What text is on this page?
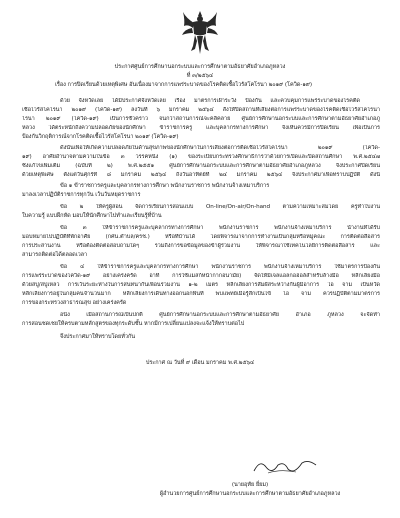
ประกาศศูนย์การศึกษานอกระบบและการศึกษาตามอัธยาศัยอำเภอภูหลวง
ที่ ๓/๒๕๖๔
เรื่อง การปิดเรียนด้วยเหตุพิเศษ อันเนื่องมาจากการแพร่ระบาดของโรคติดเชื้อไวรัสโคโรนา ๒๐๑๙ (โควิด-๑๙)
ด้วย จังหวัดเลย ได้มีประกาศจังหวัดเลย เรื่อง มาตรการเฝ้าระวัง ป้องกัน และควบคุมการแพร่ระบาดของโรคติด
เชื้อไวรัสโคโรนา ๒๐๑๙ (โควิด-๑๙) ลงวันที่ ๖ มกราคม ๒๕๖๔ สั่งให้ปิดสถานที่เสี่ยงต่อการแพร่ระบาดของโรคติดเชื้อไวรัสโคโรนา
โรนา ๒๐๑๙ (โควิด-๑๙) เป็นการชั่วคราว จนกว่าสถานการณ์จะคลี่คลาย ศูนย์การศึกษานอกระบบและการศึกษาตามอัธยาศัยอำเภอภู
หลวง ได้ตระหนักถึงความปลอดภัยของนักศึกษา ข้าราชการครู และบุคลากรทางการศึกษา จึงเห็นควรมีการปิดเรียน เพื่อเป็นการ
ป้องกันวิกฤติการณ์จากโรคติดเชื้อไวรัสโคโรนา ๒๐๑๙ (โควิด-๑๙)
ดังนั้นเพื่อให้เกิดความปลอดภัยในด้านสุขภาพของนักศึกษาในการเสี่ยงต่อการติดเชื้อไวรัสโคโรนา ๒๐๑๙ (โควิด-
๑๙) อาศัยอำนาจตามความในข้อ ๓ วรรคหนึ่ง (๑) ของระเบียบกระทรวงศึกษาธิการว่าด้วยการเปิดและปิดสถานศึกษา พ.ศ.๒๕๔๗
ซึ่งแก้ไขเพิ่มเติม (ฉบับที่ ๒) พ.ศ.๒๕๕๑ ศูนย์การศึกษานอกระบบและการศึกษาตามอัธยาศัยอำเภอภูหลวง จึงประกาศปิดเรียน
ด้วยเหตุพิเศษ ตั้งแต่วันศุกร์ที่ ๘ มกราคม ๒๕๖๔ ถึงวันอาทิตย์ที่ ๒๔ มกราคม ๒๕๖๔ จึงประกาศมาเพื่อทราบปฏิบัติ ดังนี้
ข้อ ๑ ข้าราชการครูและบุคลากรทางการศึกษา พนักงานราชการ พนักงานจ้างเหมาบริการ
มาลงเวลาปฏิบัติราชการทุกวัน เว้นวันหยุดราชการ
ข้อ ๒ ให้ครูผู้สอน จัดการเรียนการสอนแบบ On-line/On-air/On-hand ตามความเหมาะสมโดย ครูทำใบงาน
ใบความรู้ แบบฝึกหัด มอบให้นักศึกษาไปทำและเรียนรู้ที่บ้าน
ข้อ ๓ ให้ข้าราชการครูและบุคลากรทางการศึกษา พนักงานราชการ พนักงานจ้างเหมาบริการ นำงานที่ได้รับ
มอบหมายไปปฏิบัติที่พักอาศัย (กศน.ตำบล/ครช.) หรือที่บ้านได้ โดยพิจารณาจากการทำงานเป็นกลุ่มหรือหมู่คณะ การติดต่อสื่อสาร
การประสานงาน หรือต้องติดต่อสอบถามใดๆ รวมถึงการขอข้อมูลของข้าผู้ร่วมงาน ให้พิจารณาใช้เทคโนโลยีการติดต่อสื่อสาร และ
สามารถติดต่อได้ตลอดเวลา
ข้อ ๔ ให้ข้าราชการครูและบุคลากรทางการศึกษา พนักงานราชการ พนักงานจ้างเหมาบริการ ใช้มาตรการป้องกัน
การแพร่ระบาดของโควิด-๑๙ อย่างเคร่งครัด อาทิ การใช้แมสก์หน้ากากอนามัย) จัดให้มีเจลแอลกอฮอล์สำหรับล้างมือ หลีกเลี่ยงมือ
ด้วยสบู่/สบู่เหลว การเว้นระยะห่างในการสนทนากันเพื่อนร่วมงาน ๑-๒ เมตร หลีกเลี่ยงการสัมผัสระหว่างกันผู้มีอาการ ไอ จาม เป็นหวัด
หลีกเลี่ยงการอยู่ในกลุ่มคนจำนวนมาก หลีกเลี่ยงการเดินทางออกนอกพื้นที่ พบแพทย์เมื่อรู้สึกเป็นไข้ ไอ จาม ควรปฏิบัติตามมาตรการ
การของกระทรวงสาธารณสุข อย่างเคร่งครัด
อนึ่ง เมื่อสถานการณ์เป็นปกติ ศูนย์การศึกษานอกระบบและการศึกษาตามอัธยาศัย อำเภอ ภูหลวง จะจัดทำ
การสอนชดเชยให้ครบตามหลักสูตรของทุกระดับชั้น หากมีการเปลี่ยนแปลงจะแจ้งให้ทราบต่อไป
จึงประกาศมาให้ทราบโดยทั่วกัน
ประกาศ ณ วันที่ ๙ เดือน มกราคม พ.ศ.๒๕๖๔
(นายอุทัย ยี่ยม)
ผู้อำนวยการศูนย์การศึกษานอกระบบและการศึกษาตามอัธยาศัยอำเภอภูหลวง
